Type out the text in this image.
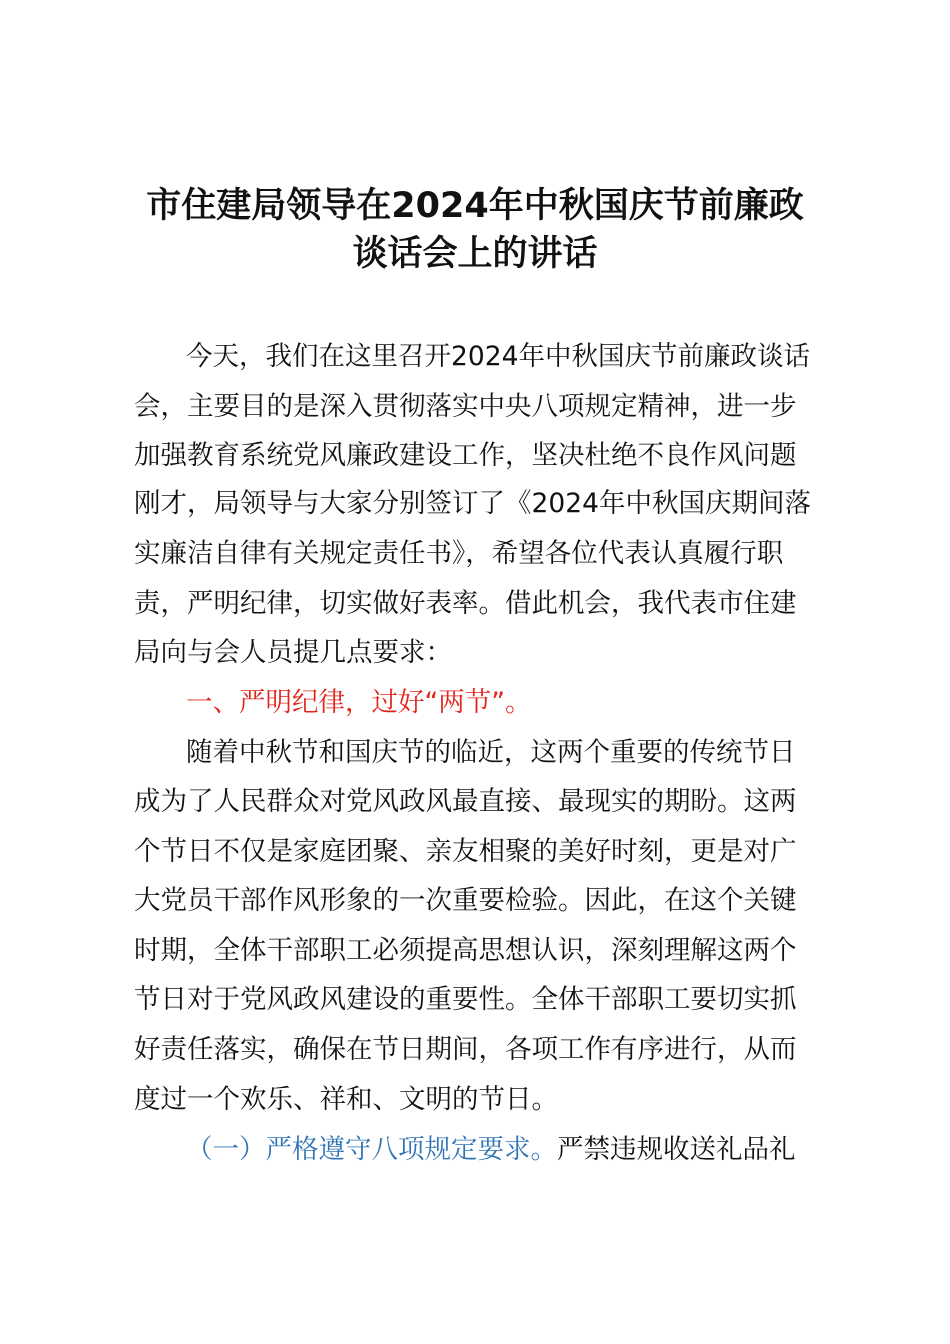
市住建局领导在2024年中秋国庆节前廉政
谈话会上的讲话
今天，我们在这里召开2024年中秋国庆节前廉政谈话
会，主要目的是深入贯彻落实中央八项规定精神，进一步
加强教育系统党风廉政建设工作，坚决杜绝不良作风问题
刚才，局领导与大家分别签订了《2024年中秋国庆期间落
实廉洁自律有关规定责任书》，希望各位代表认真履行职
责，严明纪律，切实做好表率。借此机会，我代表市住建
局向与会人员提几点要求：
一、严明纪律，过好“两节”。
随着中秋节和国庆节的临近，这两个重要的传统节日
成为了人民群众对党风政风最直接、最现实的期盼。这两
个节日不仅是家庭团聚、亲友相聚的美好时刻，更是对广
大党员干部作风形象的一次重要检验。因此，在这个关键
时期，全体干部职工必须提高思想认识，深刻理解这两个
节日对于党风政风建设的重要性。全体干部职工要切实抓
好责任落实，确保在节日期间，各项工作有序进行，从而
度过一个欢乐、祥和、文明的节日。
（一）严格遵守八项规定要求。严禁违规收送礼品礼
